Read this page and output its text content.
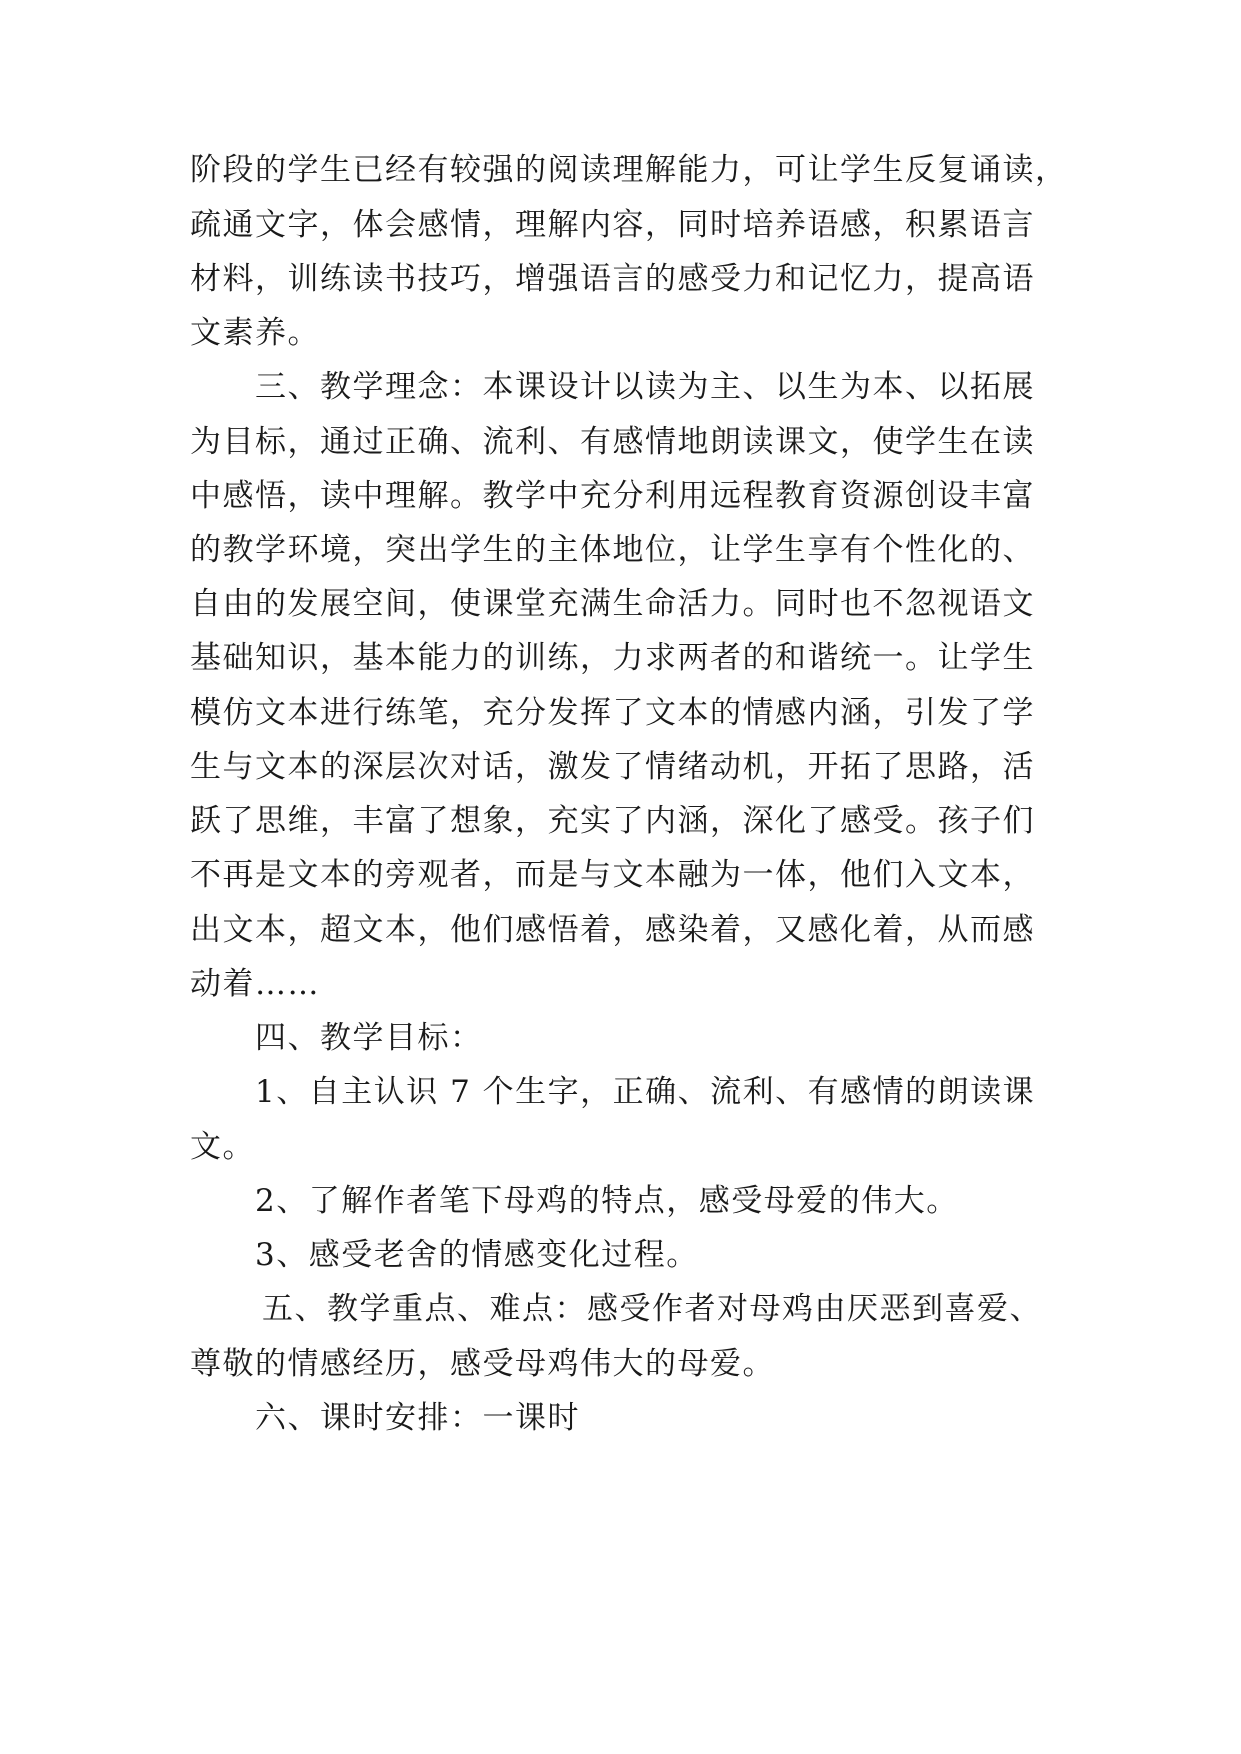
阶段的学生已经有较强的阅读理解能力，可让学生反复诵读，
疏通文字，体会感情，理解内容，同时培养语感，积累语言
材料，训练读书技巧，增强语言的感受力和记忆力，提高语
文素养。
三、教学理念：本课设计以读为主、以生为本、以拓展
为目标，通过正确、流利、有感情地朗读课文，使学生在读
中感悟，读中理解。教学中充分利用远程教育资源创设丰富
的教学环境，突出学生的主体地位，让学生享有个性化的、
自由的发展空间，使课堂充满生命活力。同时也不忽视语文
基础知识，基本能力的训练，力求两者的和谐统一。让学生
模仿文本进行练笔，充分发挥了文本的情感内涵，引发了学
生与文本的深层次对话，激发了情绪动机，开拓了思路，活
跃了思维，丰富了想象，充实了内涵，深化了感受。孩子们
不再是文本的旁观者，而是与文本融为一体，他们入文本，
出文本，超文本，他们感悟着，感染着，又感化着，从而感
动着……
四、教学目标：
1、自主认识 7 个生字，正确、流利、有感情的朗读课
文。
2、了解作者笔下母鸡的特点，感受母爱的伟大。
3、感受老舍的情感变化过程。
五、教学重点、难点：感受作者对母鸡由厌恶到喜爱、
尊敬的情感经历，感受母鸡伟大的母爱。
六、课时安排：一课时
